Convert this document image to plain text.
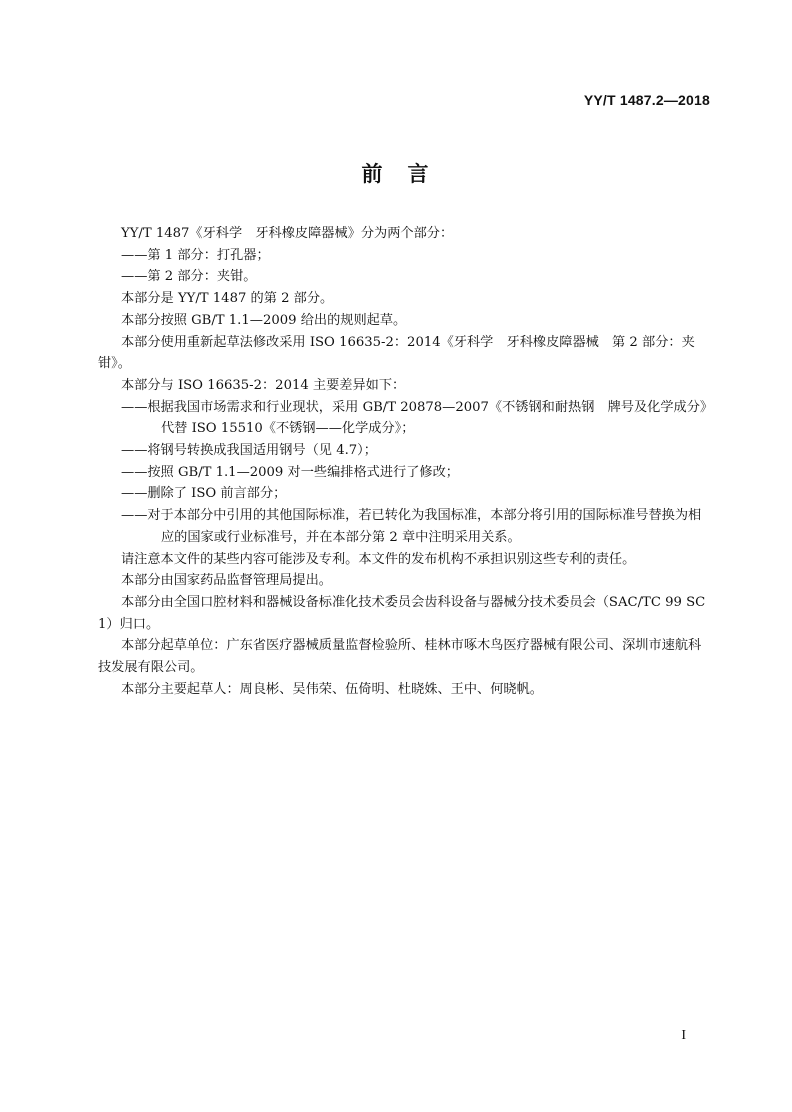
YY/T 1487.2—2018
前　言

YY/T 1487《牙科学　牙科橡皮障器械》分为两个部分：

——第 1 部分：打孔器；

——第 2 部分：夹钳。

本部分是 YY/T 1487 的第 2 部分。

本部分按照 GB/T 1.1—2009 给出的规则起草。

本部分使用重新起草法修改采用 ISO 16635-2：2014《牙科学　牙科橡皮障器械　第 2 部分：夹钳》。

本部分与 ISO 16635-2：2014 主要差异如下：

——根据我国市场需求和行业现状，采用 GB/T 20878—2007《不锈钢和耐热钢　牌号及化学成分》代替 ISO 15510《不锈钢——化学成分》；

——将钢号转换成我国适用钢号（见 4.7）；

——按照 GB/T 1.1—2009 对一些编排格式进行了修改；

——删除了 ISO 前言部分；

——对于本部分中引用的其他国际标准，若已转化为我国标准，本部分将引用的国际标准号替换为相应的国家或行业标准号，并在本部分第 2 章中注明采用关系。

请注意本文件的某些内容可能涉及专利。本文件的发布机构不承担识别这些专利的责任。

本部分由国家药品监督管理局提出。

本部分由全国口腔材料和器械设备标准化技术委员会齿科设备与器械分技术委员会（SAC/TC 99 SC 1）归口。

本部分起草单位：广东省医疗器械质量监督检验所、桂林市啄木鸟医疗器械有限公司、深圳市速航科技发展有限公司。

本部分主要起草人：周良彬、吴伟荣、伍倚明、杜晓姝、王中、何晓帆。

I
